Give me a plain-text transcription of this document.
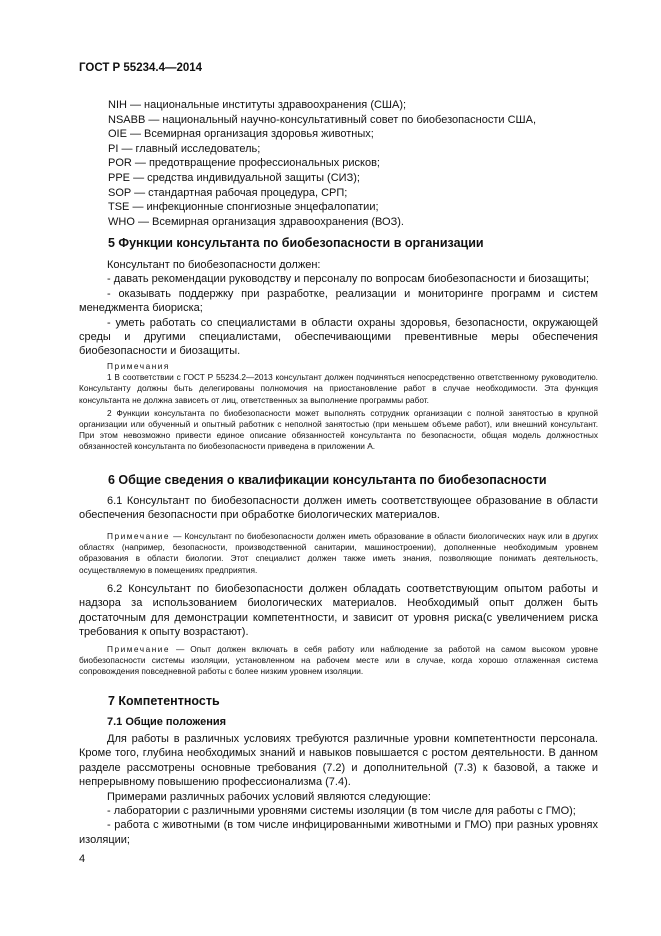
ГОСТ Р 55234.4—2014
NIH — национальные институты здравоохранения (США);
NSABB — национальный научно-консультативный совет по биобезопасности США,
OIE — Всемирная организация здоровья животных;
PI — главный исследователь;
POR — предотвращение профессиональных рисков;
PPE — средства индивидуальной защиты (СИЗ);
SOP — стандартная рабочая процедура, СРП;
TSE — инфекционные спонгиозные энцефалопатии;
WHO — Всемирная организация здравоохранения (ВОЗ).
5 Функции консультанта по биобезопасности в организации
Консультант по биобезопасности должен:
- давать рекомендации руководству и персоналу по вопросам биобезопасности и биозащиты;
- оказывать поддержку при разработке, реализации и мониторинге программ и систем менеджмента биориска;
- уметь работать со специалистами в области охраны здоровья, безопасности, окружающей среды и другими специалистами, обеспечивающими превентивные меры обеспечения биобезопасности и биозащиты.
Примечания
1 В соответствии с ГОСТ Р 55234.2—2013 консультант должен подчиняться непосредственно ответственному руководителю. Консультанту должны быть делегированы полномочия на приостановление работ в случае необходимости. Эта функция консультанта не должна зависеть от лиц, ответственных за выполнение программы работ.
2 Функции консультанта по биобезопасности может выполнять сотрудник организации с полной занятостью в крупной организации или обученный и опытный работник с неполной занятостью (при меньшем объеме работ), или внешний консультант. При этом невозможно привести единое описание обязанностей консультанта по безопасности, общая модель должностных обязанностей консультанта по биобезопасности приведена в приложении А.
6 Общие сведения о квалификации консультанта по биобезопасности
6.1 Консультант по биобезопасности должен иметь соответствующее образование в области обеспечения безопасности при обработке биологических материалов.
Примечание — Консультант по биобезопасности должен иметь образование в области биологических наук или в других областях (например, безопасности, производственной санитарии, машиностроении), дополненные необходимым уровнем образования в области биологии. Этот специалист должен также иметь знания, позволяющие понимать деятельность, осуществляемую в помещениях предприятия.
6.2 Консультант по биобезопасности должен обладать соответствующим опытом работы и надзора за использованием биологических материалов. Необходимый опыт должен быть достаточным для демонстрации компетентности, и зависит от уровня риска(с увеличением риска требования к опыту возрастают).
Примечание — Опыт должен включать в себя работу или наблюдение за работой на самом высоком уровне биобезопасности системы изоляции, установленном на рабочем месте или в случае, когда хорошо отлаженная система сопровождения повседневной работы с более низким уровнем изоляции.
7 Компетентность
7.1 Общие положения
Для работы в различных условиях требуются различные уровни компетентности персонала. Кроме того, глубина необходимых знаний и навыков повышается с ростом деятельности. В данном разделе рассмотрены основные требования (7.2) и дополнительной (7.3) к базовой, а также и непрерывному повышению профессионализма (7.4).
Примерами различных рабочих условий являются следующие:
- лаборатории с различными уровнями системы изоляции (в том числе для работы с ГМО);
- работа с животными (в том числе инфицированными животными и ГМО) при разных уровнях изоляции;
4
